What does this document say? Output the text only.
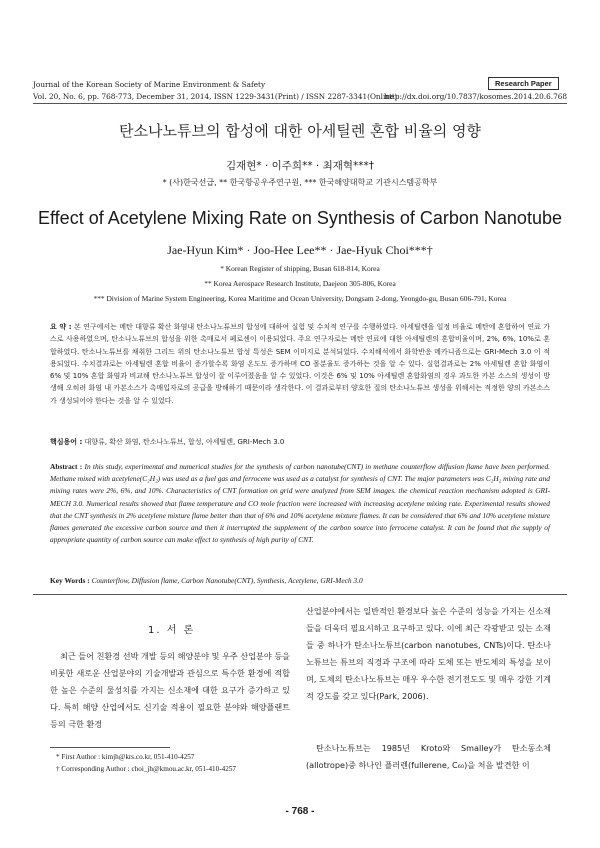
Journal of the Korean Society of Marine Environment & Safety	Research Paper
Vol. 20, No. 6, pp. 768-773, December 31, 2014, ISSN 1229-3431(Print) / ISSN 2287-3341(Online)
http://dx.doi.org/10.7837/kosomes.2014.20.6.768
탄소나노튜브의 합성에 대한 아세틸렌 혼합 비율의 영향
김재현* · 이주희** · 최재혁***†
* (사)한국선급, ** 한국항공우주연구원, *** 한국해양대학교 기관시스템공학부
Effect of Acetylene Mixing Rate on Synthesis of Carbon Nanotube
Jae-Hyun Kim* · Joo-Hee Lee** · Jae-Hyuk Choi***†
* Korean Register of shipping, Busan 618-814, Korea
** Korea Aerospace Research Institute, Daejeon 305-806, Korea
*** Division of Marine System Engineering, Korea Maritime and Ocean University, Dongsam 2-dong, Yeongdo-gu, Busan 606-791, Korea
요 약 : 본 연구에서는 메탄 대향류 확산 화염내 탄소나노튜브의 합성에 대하여 실험 및 수치적 연구를 수행하였다. 아세틸렌을 일정 비율로 메탄에 혼합하여 연료 가스로 사용하였으며, 탄소나노튜브의 합성을 위한 촉매로서 페로센이 이용되었다. 주요 연구자로는 메탄 연료에 대한 아세틸렌의 혼합비율이며, 2%, 6%, 10%로 혼합하였다. 탄소나노튜브를 채취한 그리드 위의 탄소나노튜브 합성 특성은 SEM 이미지로 분석되었다. 수치해석에서 화학반응 메카니즘으로는 GRI-Mech 3.0 이 적용되었다. 수치결과로는 아세틸렌 혼합 비율이 증가할수록 화염 온도도 증가하며 CO 몰분율도 증가하는 것을 알 수 있다. 실험결과로는 2% 아세틸렌 혼합 화염이 6% 및 10% 혼합 화염과 비교해 탄소나노튜브 합성이 잘 이루어졌음을 알 수 있었다. 이것은 6% 및 10% 아세틸렌 혼합화염의 경우 과도한 카본 소스의 생성이 방생해 오히려 화염 내 카본소스가 촉매입자로의 공급을 방해하기 때문이라 생각한다. 이 결과로부터 양호한 질의 탄소나노튜브 생성을 위해서는 적정한 양의 카본소스가 생성되어야 한다는 것을 알 수 있었다.
핵심용어 : 대향류, 확산 화염, 탄소나노튜브, 합성, 아세틸렌, GRI-Mech 3.0
Abstract : In this study, experimental and numerical studies for the synthesis of carbon nanotube(CNT) in methane counterflow diffusion flame have been performed. Methane mixed with acetylene(C₂H₂) was used as a fuel gas and ferrocene was used as a catalyst for synthesis of CNT. The major parameters was C₂H₂ mixing rate and mixing rates were 2%, 6%, and 10%. Characteristics of CNT formation on grid were analyzed from SEM images. the chemical reaction mechanism adopted is GRI-MECH 3.0. Numerical results showed that flame temperature and CO mole fraction were increased with increasing acetylene mixing rate. Experimental results showed that the CNT synthesis in 2% acetylene mixture flame better than that of 6% and 10% acetylene mixture flames. It can be considered that 6% and 10% acetylene mixture flames generated the excessive carbon source and then it interrupted the supplement of the carbon source into ferrocene catalyst. It can be found that the supply of appropriate quantity of carbon source can make effect to synthesis of high purity of CNT.
Key Words : Counterflow, Diffusion flame, Carbon Nanotube(CNT), Synthesis, Acetylene, GRI-Mech 3.0
1. 서 론
최근 들어 친환경 선박 개발 등의 해양분야 및 우주 산업분야 등을 비롯한 새로운 산업분야의 기술개발과 관심으로 특수한 환경에 적합한 높은 수준의 물성치를 가지는 신소재에 대한 요구가 증가하고 있다. 특히 해양 산업에서도 신기술 적용이 필요한 분야와 해양플랜트 등의 극한 환경
산업분야에서는 일반적인 환경보다 높은 수준의 성능을 가지는 신소재들을 더욱더 필요시하고 요구하고 있다. 이에 최근 각광받고 있는 소재들 중 하나가 탄소나노튜브(carbon nanotubes, CNTs)이다. 탄소나노튜브는 튜브의 직경과 구조에 따라 도체 또는 반도체의 특성을 보이며, 도체의 탄소나노튜브는 매우 우수한 전기전도도 및 매우 강한 기계적 강도를 갖고 있다(Park, 2006).
탄소나노튜브는 1985년 Kroto와 Smalley가 탄소동소체(allotrope)중 하나인 플러렌(fullerene, C₆₀)을 처음 발견한 이
* First Author : kimjh@krs.co.kr, 051-410-4257
† Corresponding Author : choi_jh@kmou.ac.kr, 051-410-4257
- 768 -
